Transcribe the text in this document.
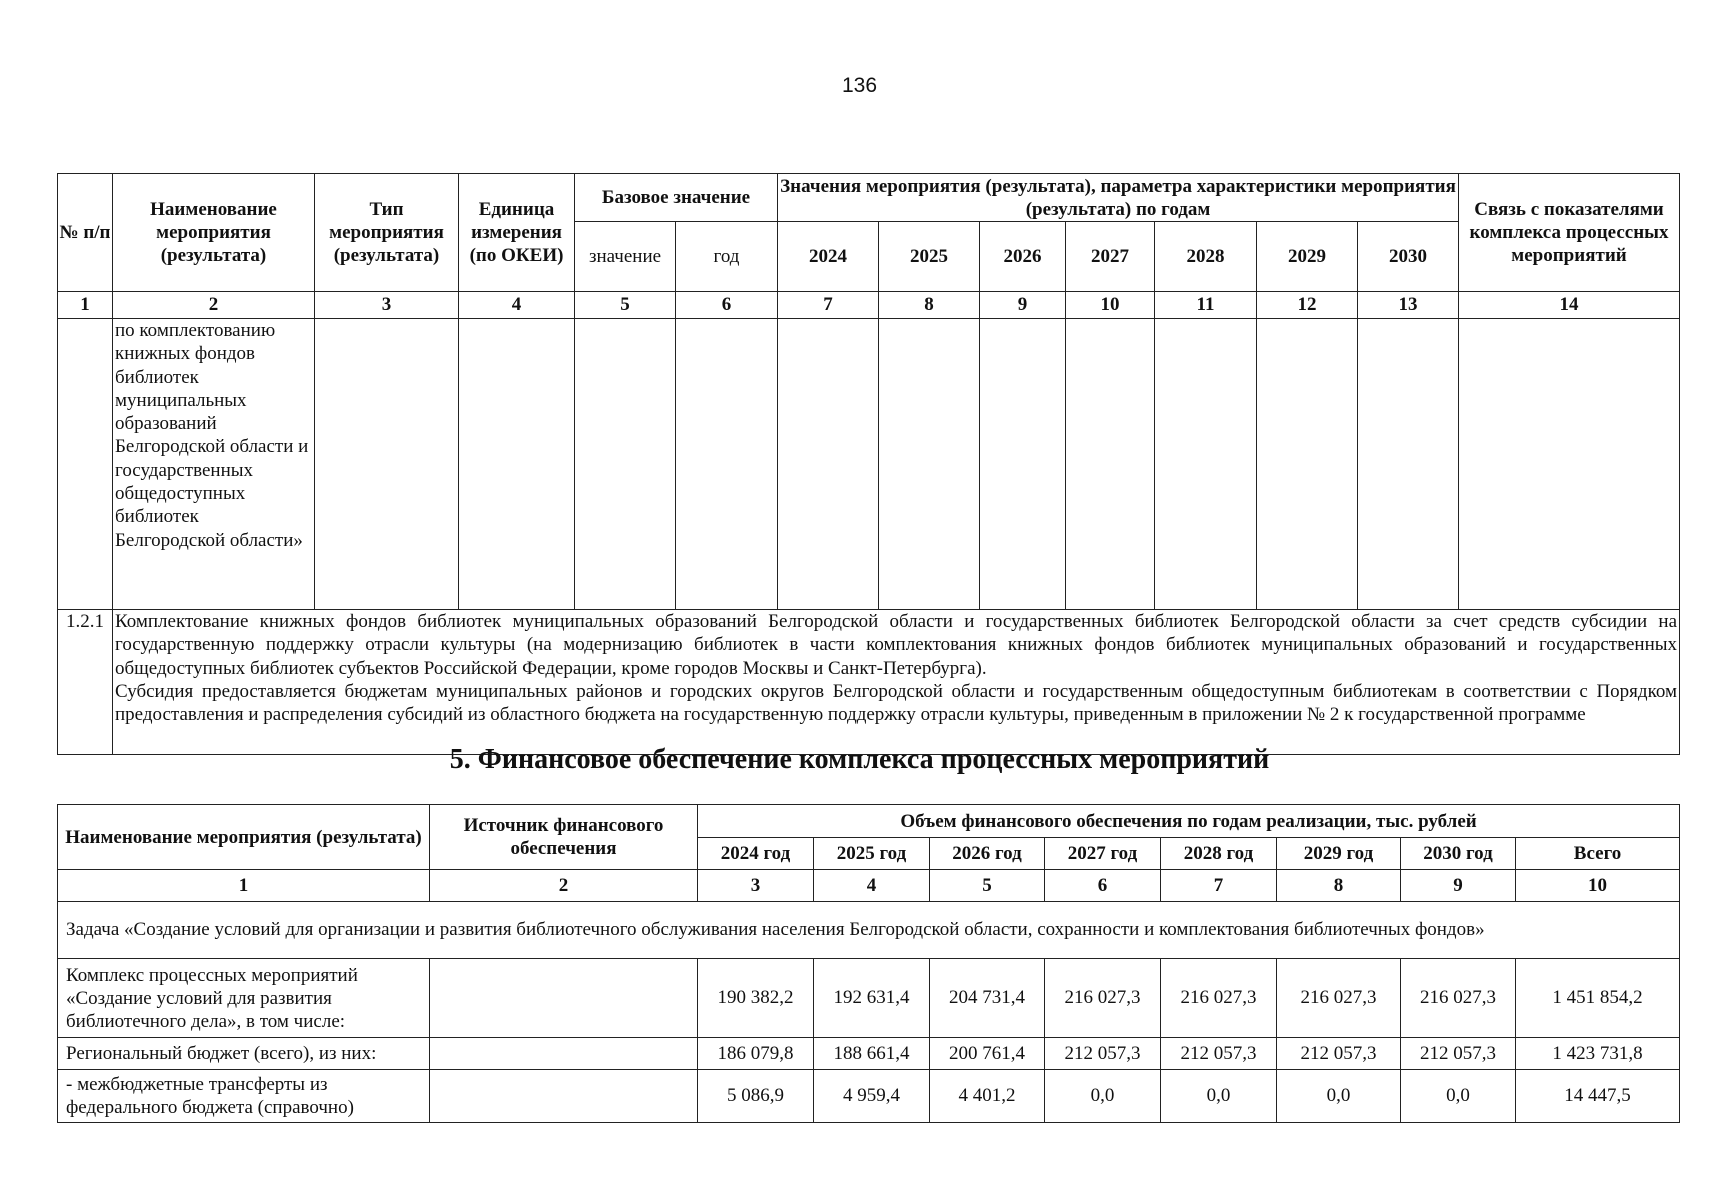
136
№ п/п	Наименование мероприятия (результата)	Тип мероприятия (результата)	Единица измерения (по ОКЕИ)	Базовое значение		Значения мероприятия (результата), параметра характеристики мероприятия (результата) по годам							Связь с показателями комплекса процессных мероприятий
				значение	год	2024	2025	2026	2027	2028	2029	2030	
1	2	3	4	5	6	7	8	9	10	11	12	13	14
	по комплектованию книжных фондов библиотек муниципальных образований Белгородской области и государственных общедоступных библиотек Белгородской области»												
1.2.1	Комплектование книжных фондов библиотек муниципальных образований Белгородской области и государственных библиотек Белгородской области за счет средств субсидии на государственную поддержку отрасли культуры (на модернизацию библиотек в части комплектования книжных фондов библиотек муниципальных образований и государственных общедоступных библиотек субъектов Российской Федерации, кроме городов Москвы и Санкт-Петербурга).

Субсидия предоставляется бюджетам муниципальных районов и городских округов Белгородской области и государственным общедоступным библиотекам в соответствии с Порядком предоставления и распределения субсидий из областного бюджета на государственную поддержку отрасли культуры, приведенным в приложении № 2 к государственной программе												

5. Финансовое обеспечение комплекса процессных мероприятий
Наименование мероприятия (результата)	Источник финансового обеспечения	Объем финансового обеспечения по годам реализации, тыс. рублей							
		2024 год	2025 год	2026 год	2027 год	2028 год	2029 год	2030 год	Всего
1	2	3	4	5	6	7	8	9	10
Задача «Создание условий для организации и развития библиотечного обслуживания населения Белгородской области, сохранности и комплектования библиотечных фондов»									
Комплекс процессных мероприятий «Создание условий для развития библиотечного дела», в том числе:		190 382,2	192 631,4	204 731,4	216 027,3	216 027,3	216 027,3	216 027,3	1 451 854,2
Региональный бюджет (всего), из них:		186 079,8	188 661,4	200 761,4	212 057,3	212 057,3	212 057,3	212 057,3	1 423 731,8
- межбюджетные трансферты из федерального бюджета (справочно)		5 086,9	4 959,4	4 401,2	0,0	0,0	0,0	0,0	14 447,5
